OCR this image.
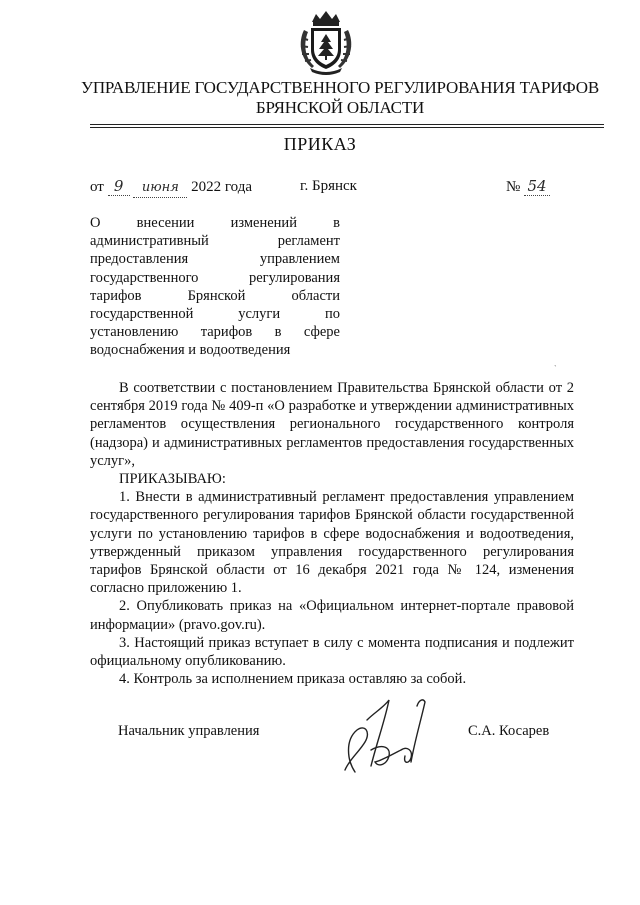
УПРАВЛЕНИЕ ГОСУДАРСТВЕННОГО РЕГУЛИРОВАНИЯ ТАРИФОВ
БРЯНСКОЙ ОБЛАСТИ
ПРИКАЗ
от 9 июня 2022 года	г. Брянск	№ 54
О внесении изменений в
административный регламент
предоставления управлением
государственного регулирования
тарифов Брянской области
государственной услуги по
установлению тарифов в сфере
водоснабжения и водоотведения
`

В соответствии с постановлением Правительства Брянской области от 2 сентября 2019 года № 409-п «О разработке и утверждении административных регламентов осуществления регионального государственного контроля (надзора) и административных регламентов предоставления государственных услуг»,

ПРИКАЗЫВАЮ:

1. Внести в административный регламент предоставления управлением государственного регулирования тарифов Брянской области государственной услуги по установлению тарифов в сфере водоснабжения и водоотведения, утвержденный приказом управления государственного регулирования тарифов Брянской области от 16 декабря 2021 года № 124, изменения согласно приложению 1.

2. Опубликовать приказ на «Официальном интернет-портале правовой информации» (pravo.gov.ru).

3. Настоящий приказ вступает в силу с момента подписания и подлежит официальному опубликованию.

4. Контроль за исполнением приказа оставляю за собой.

Начальник управления	С.А. Косарев
